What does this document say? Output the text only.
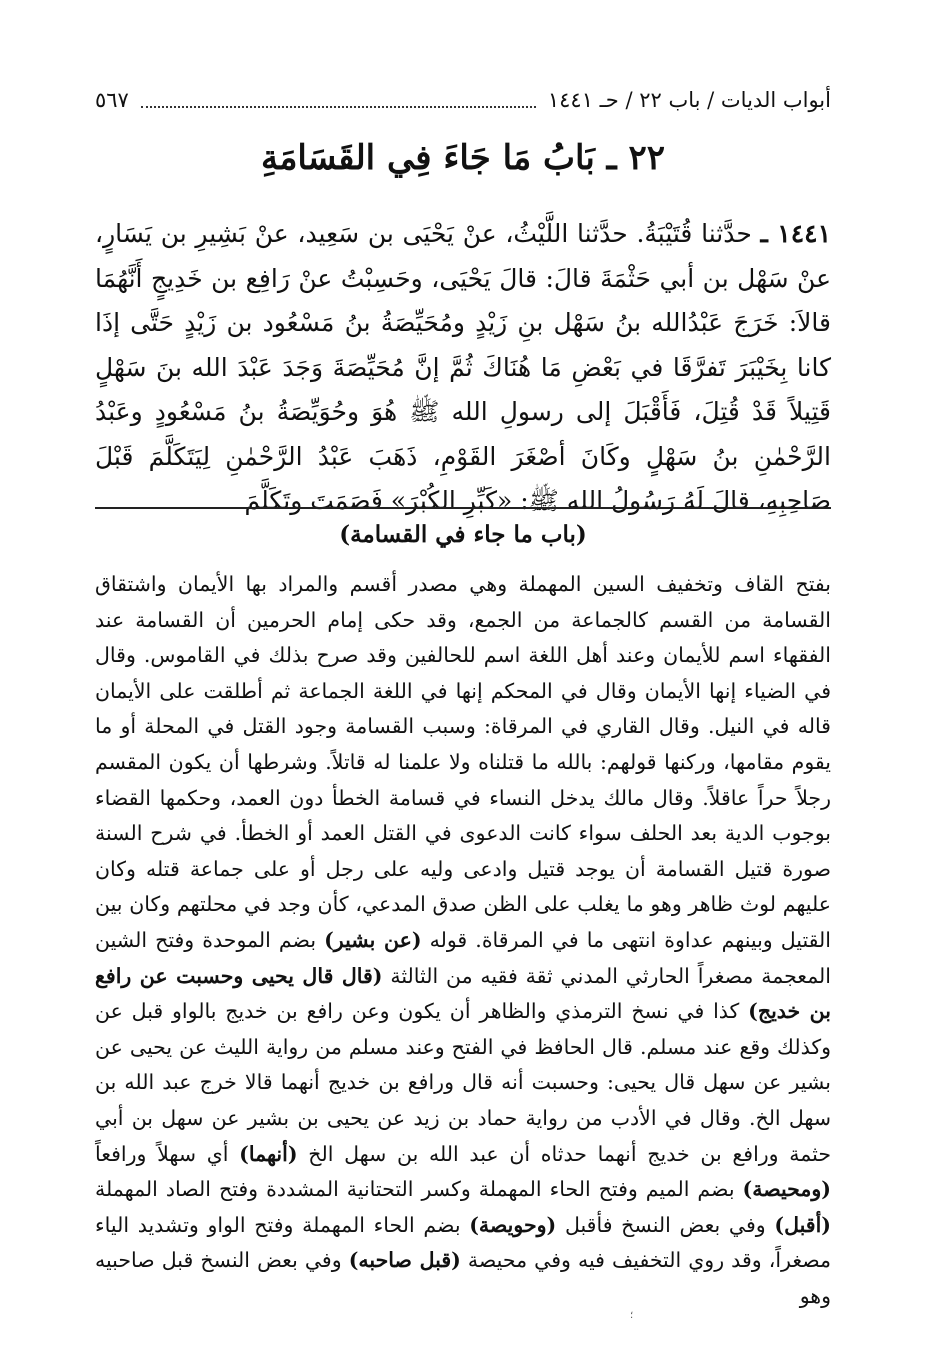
أبواب الديات / باب ٢٢ / حـ ١٤٤١
٥٦٧
٢٢ ـ بَابُ مَا جَاءَ فِي القَسَامَةِ
١٤٤١ ـ حدَّثنا قُتَيْبَةُ. حدَّثنا اللَّيْثُ، عنْ يَحْيَى بن سَعِيد، عنْ بَشِيرِ بن يَسَارٍ، عنْ سَهْل بن أبي حَثْمَةَ قالَ: قالَ يَحْيَى، وحَسِبْتُ عنْ رَافِع بن خَدِيجٍ أَنَّهُمَا قالاَ: خَرَجَ عَبْدُالله بنُ سَهْل بنِ زَيْدٍ ومُحَيِّصَةُ بنُ مَسْعُود بن زَيْدٍ حَتَّى إذَا كانا بِخَيْبَرَ تَفرَّقَا في بَعْضِ مَا هُنَاكَ ثُمَّ إنَّ مُحَيِّصَةَ وَجَدَ عَبْدَ الله بنَ سَهْلٍ قَتِيلاً قَدْ قُتِلَ، فَأَقْبَلَ إلى رسولِ الله ﷺ هُوَ وحُوَيِّصَةُ بنُ مَسْعُودٍ وعَبْدُ الرَّحْمٰنِ بنُ سَهْلٍ وكَانَ أصْغَرَ القَوْمِ، ذَهَبَ عَبْدُ الرَّحْمٰنِ لِيَتَكَلَّمَ قَبْلَ صَاحِبِهِ، قالَ لَهُ رَسُولُ الله ﷺ: «كَبِّرِ الكُبْرَ» فَصَمَتَ وتَكَلَّمَ
(باب ما جاء في القسامة)
بفتح القاف وتخفيف السين المهملة وهي مصدر أقسم والمراد بها الأيمان واشتقاق القسامة من القسم كالجماعة من الجمع، وقد حكى إمام الحرمين أن القسامة عند الفقهاء اسم للأيمان وعند أهل اللغة اسم للحالفين وقد صرح بذلك في القاموس. وقال في الضياء إنها الأيمان وقال في المحكم إنها في اللغة الجماعة ثم أطلقت على الأيمان قاله في النيل. وقال القاري في المرقاة: وسبب القسامة وجود القتل في المحلة أو ما يقوم مقامها، وركنها قولهم: بالله ما قتلناه ولا علمنا له قاتلاً. وشرطها أن يكون المقسم رجلاً حراً عاقلاً. وقال مالك يدخل النساء في قسامة الخطأ دون العمد، وحكمها القضاء بوجوب الدية بعد الحلف سواء كانت الدعوى في القتل العمد أو الخطأ. في شرح السنة صورة قتيل القسامة أن يوجد قتيل وادعى وليه على رجل أو على جماعة قتله وكان عليهم لوث ظاهر وهو ما يغلب على الظن صدق المدعي، كأن وجد في محلتهم وكان بين القتيل وبينهم عداوة انتهى ما في المرقاة. قوله (عن بشير) بضم الموحدة وفتح الشين المعجمة مصغراً الحارثي المدني ثقة فقيه من الثالثة (قال قال يحيى وحسبت عن رافع بن خديج) كذا في نسخ الترمذي والظاهر أن يكون وعن رافع بن خديج بالواو قبل عن وكذلك وقع عند مسلم. قال الحافظ في الفتح وعند مسلم من رواية الليث عن يحيى عن بشير عن سهل قال يحيى: وحسبت أنه قال ورافع بن خديج أنهما قالا خرج عبد الله بن سهل الخ. وقال في الأدب من رواية حماد بن زيد عن يحيى بن بشير عن سهل بن أبي حثمة ورافع بن خديج أنهما حدثاه أن عبد الله بن سهل الخ (أنهما) أي سهلاً ورافعاً (ومحيصة) بضم الميم وفتح الحاء المهملة وكسر التحتانية المشددة وفتح الصاد المهملة (أقبل) وفي بعض النسخ فأقبل (وحويصة) بضم الحاء المهملة وفتح الواو وتشديد الياء مصغراً، وقد روي التخفيف فيه وفي محيصة (قبل صاحبه) وفي بعض النسخ قبل صاحبيه وهو
؛
